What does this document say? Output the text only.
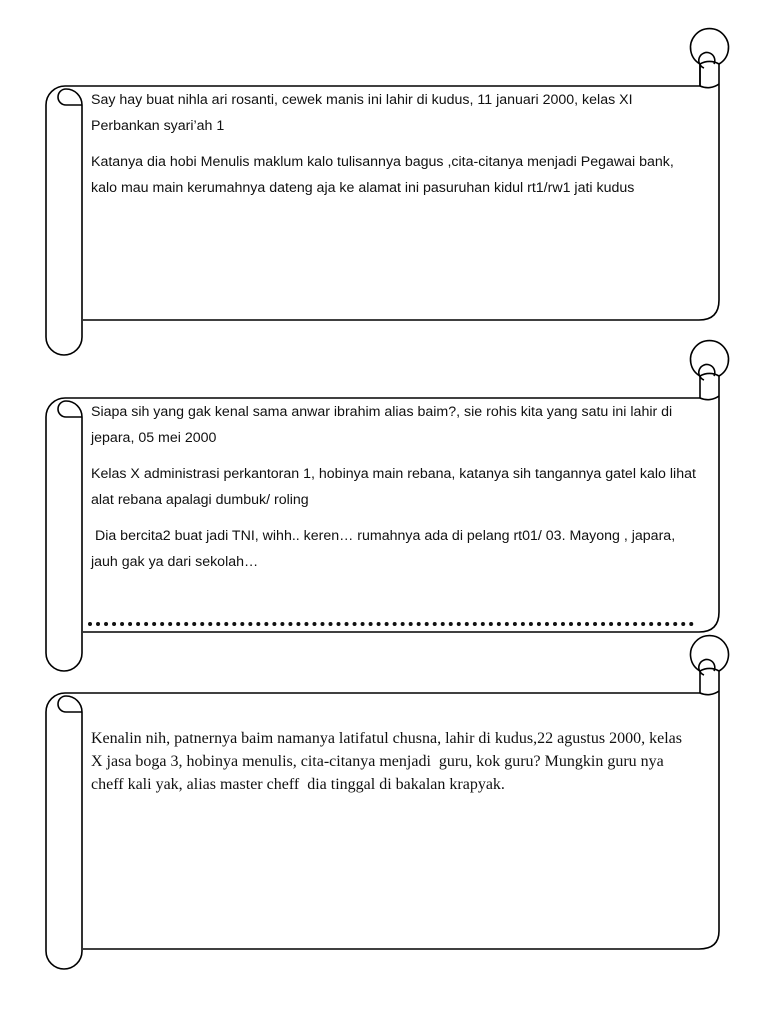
Say hay buat nihla ari rosanti, cewek manis ini lahir di kudus, 11 januari 2000, kelas XI Perbankan syari’ah 1

Katanya dia hobi Menulis maklum kalo tulisannya bagus ,cita-citanya menjadi Pegawai bank, kalo mau main kerumahnya dateng aja ke alamat ini pasuruhan kidul rt1/rw1 jati kudus

Siapa sih yang gak kenal sama anwar ibrahim alias baim?, sie rohis kita yang satu ini lahir di jepara, 05 mei 2000

Kelas X administrasi perkantoran 1, hobinya main rebana, katanya sih tangannya gatel kalo lihat alat rebana apalagi dumbuk/ roling

Dia bercita2 buat jadi TNI, wihh.. keren… rumahnya ada di pelang rt01/ 03. Mayong , japara, jauh gak ya dari sekolah…

Kenalin nih, patnernya baim namanya latifatul chusna, lahir di kudus,22 agustus 2000, kelas  X jasa boga 3, hobinya menulis, cita-citanya menjadi  guru, kok guru? Mungkin guru nya cheff kali yak, alias master cheff  dia tinggal di bakalan krapyak.
